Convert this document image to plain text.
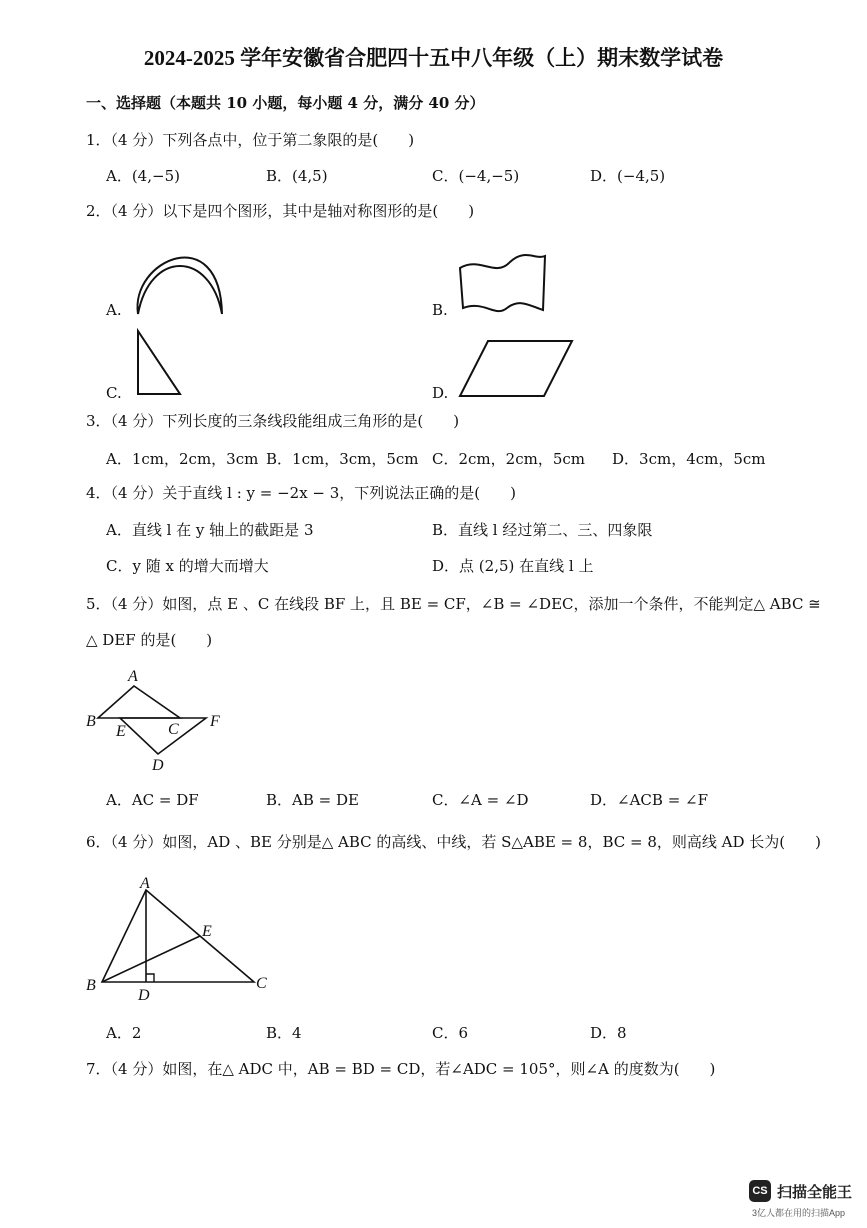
2024-2025 学年安徽省合肥四十五中八年级（上）期末数学试卷
一、选择题（本题共 10 小题，每小题 4 分，满分 40 分）
1．（4 分）下列各点中，位于第二象限的是(　　)
A．(4,−5)	B．(4,5)	C．(−4,−5)	D．(−4,5)
2．（4 分）以下是四个图形，其中是轴对称图形的是(　　)
A.	B.
C.	D.
3．（4 分）下列长度的三条线段能组成三角形的是(　　)
A．1cm，2cm，3cm B．1cm，3cm，5cm C．2cm，2cm，5cm D．3cm，4cm，5cm
4．（4 分）关于直线 l : y = −2x − 3，下列说法正确的是(　　)
A．直线 l 在 y 轴上的截距是 3	B．直线 l 经过第二、三、四象限
C．y 随 x 的增大而增大	D．点 (2,5) 在直线 l 上
5．（4 分）如图，点 E 、C 在线段 BF 上，且 BE = CF，∠B = ∠DEC，添加一个条件，不能判定△ ABC ≅
△ DEF 的是(　　)
A
B
E	C F
D
A．AC = DF	B．AB = DE	C．∠A = ∠D	D．∠ACB = ∠F
6．（4 分）如图，AD 、BE 分别是△ ABC 的高线、中线，若 S△ABE = 8，BC = 8，则高线 AD 长为(　　)
A
E
B
D
C
A．2	B．4	C．6	D．8
7．（4 分）如图，在△ ADC 中，AB = BD = CD，若∠ADC = 105°，则∠A 的度数为(　　)
CS 扫描全能王
3亿人都在用的扫描App
